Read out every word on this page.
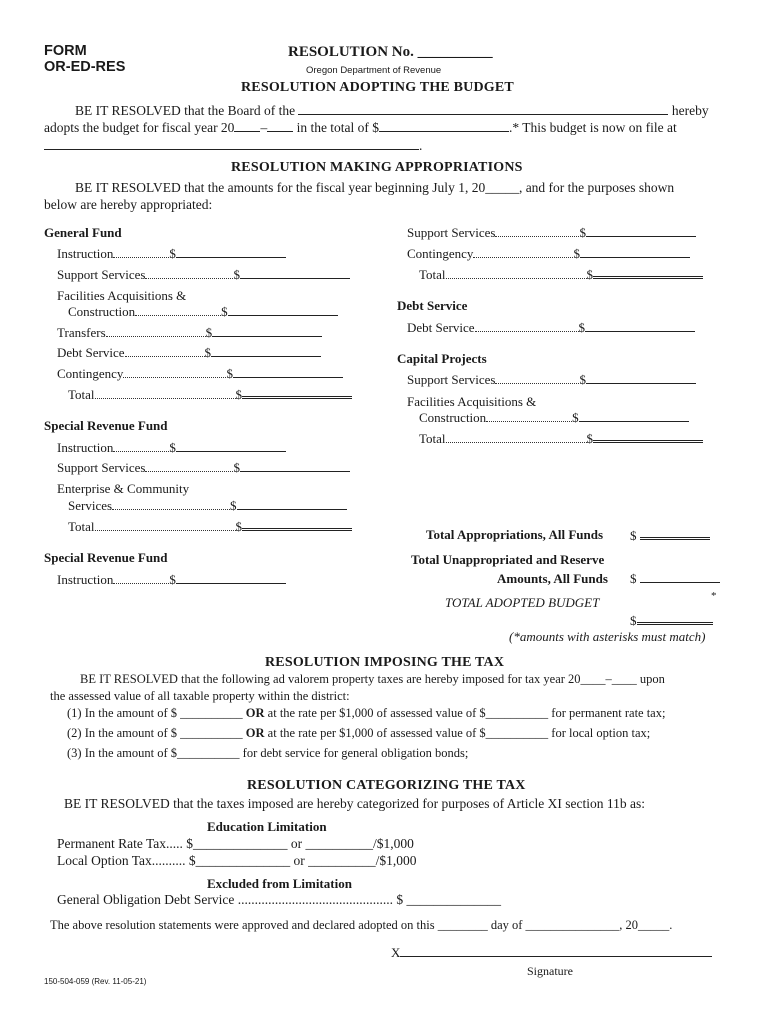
FORM
OR-ED-RES
RESOLUTION No. __________
Oregon Department of Revenue
RESOLUTION ADOPTING THE BUDGET
BE IT RESOLVED that the Board of the	hereby
adopts the budget for fiscal year 20 – in the total of $	.* This budget is now on file at
.
RESOLUTION MAKING APPROPRIATIONS
BE IT RESOLVED that the amounts for the fiscal year beginning July 1, 20_____, and for the purposes shown
below are hereby appropriated:
General Fund
Instruction	$
Support Services	$
Facilities Acquisitions &
Construction	$
Transfers	$
Debt Service	$
Contingency	$
Total	$
Special Revenue Fund
Instruction	$
Support Services	$
Enterprise & Community
Services	$
Total	$
Special Revenue Fund
Instruction	$
Support Services	$
Contingency	$
Total	$
Debt Service
Debt Service	$
Capital Projects
Support Services	$
Facilities Acquisitions &
Construction	$
Total	$
Total Appropriations, All Funds $
Total Unappropriated and Reserve
Amounts, All Funds $
*
TOTAL ADOPTED BUDGET
$
(*amounts with asterisks must match)
RESOLUTION IMPOSING THE TAX
BE IT RESOLVED that the following ad valorem property taxes are hereby imposed for tax year 20____–____ upon
the assessed value of all taxable property within the district:
(1) In the amount of $ __________ OR at the rate per $1,000 of assessed value of $__________ for permanent rate tax;
(2) In the amount of $ __________ OR at the rate per $1,000 of assessed value of $__________ for local option tax;
(3) In the amount of $__________ for debt service for general obligation bonds;
RESOLUTION CATEGORIZING THE TAX
BE IT RESOLVED that the taxes imposed are hereby categorized for purposes of Article XI section 11b as:
Education Limitation
Permanent Rate Tax..... $______________ or __________/$1,000
Local Option Tax.......... $______________ or __________/$1,000
Excluded from Limitation
General Obligation Debt Service .............................................. $ ______________
The above resolution statements were approved and declared adopted on this ________ day of _______________, 20_____.
X
Signature
150-504-059 (Rev. 11-05-21)
